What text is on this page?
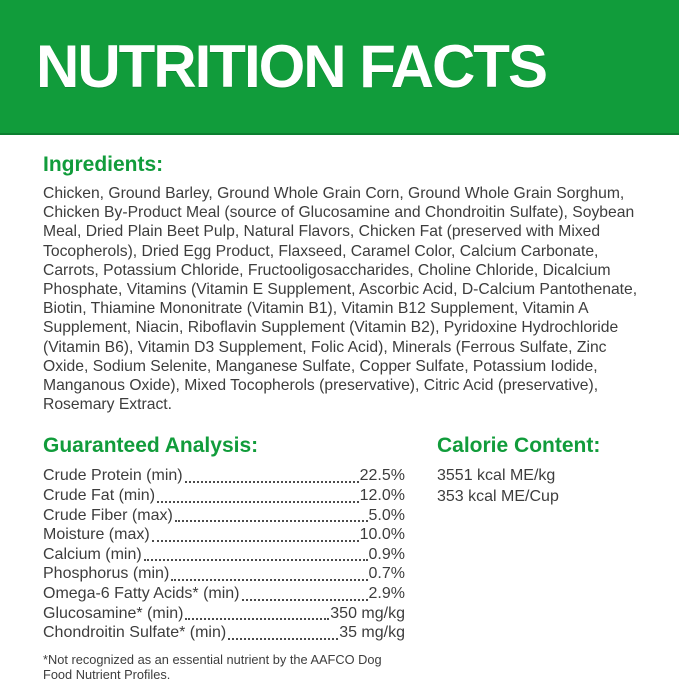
NUTRITION FACTS
Ingredients:

Chicken, Ground Barley, Ground Whole Grain Corn, Ground Whole Grain Sorghum, Chicken By-Product Meal (source of Glucosamine and Chondroitin Sulfate), Soybean Meal, Dried Plain Beet Pulp, Natural Flavors, Chicken Fat (preserved with Mixed Tocopherols), Dried Egg Product, Flaxseed, Caramel Color, Calcium Carbonate, Carrots, Potassium Chloride, Fructooligosaccharides, Choline Chloride, Dicalcium Phosphate, Vitamins (Vitamin E Supplement, Ascorbic Acid, D-Calcium Pantothenate, Biotin, Thiamine Mononitrate (Vitamin B1), Vitamin B12 Supplement, Vitamin A Supplement, Niacin, Riboflavin Supplement (Vitamin B2), Pyridoxine Hydrochloride (Vitamin B6), Vitamin D3 Supplement, Folic Acid), Minerals (Ferrous Sulfate, Zinc Oxide, Sodium Selenite, Manganese Sulfate, Copper Sulfate, Potassium Iodide, Manganous Oxide), Mixed Tocopherols (preservative), Citric Acid (preservative), Rosemary Extract.

Guaranteed Analysis:
Crude Protein (min)	22.5%
Crude Fat (min)	12.0%
Crude Fiber (max)	5.0%
Moisture (max)	10.0%
Calcium (min)	0.9%
Phosphorus (min)	0.7%
Omega-6 Fatty Acids* (min)	2.9%
Glucosamine* (min)	350 mg/kg
Chondroitin Sulfate* (min)	35 mg/kg
*Not recognized as an essential nutrient by the AAFCO Dog Food Nutrient Profiles.
Calorie Content:
3551 kcal ME/kg
353 kcal ME/Cup
